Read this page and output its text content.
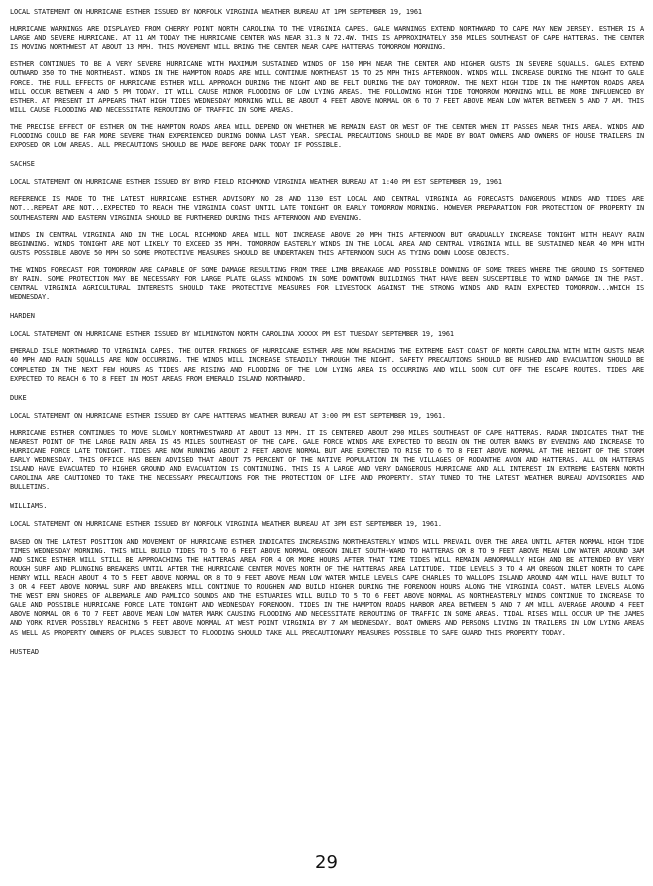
LOCAL STATEMENT ON HURRICANE ESTHER ISSUED BY NORFOLK VIRGINIA WEATHER BUREAU AT 1PM SEPTEMBER 19, 1961

HURRICANE WARNINGS ARE DISPLAYED FROM CHERRY POINT NORTH CAROLINA TO THE VIRGINIA CAPES. GALE WARNINGS EXTEND NORTHWARD TO CAPE MAY NEW JERSEY. ESTHER IS A LARGE AND SEVERE HURRICANE. AT 11 AM TODAY THE HURRICANE CENTER WAS NEAR 31.3 N 72.4W. THIS IS APPROXIMATELY 350 MILES SOUTHEAST OF CAPE HATTERAS. THE CENTER IS MOVING NORTHWEST AT ABOUT 13 MPH. THIS MOVEMENT WILL BRING THE CENTER NEAR CAPE HATTERAS TOMORROW MORNING.

ESTHER CONTINUES TO BE A VERY SEVERE HURRICANE WITH MAXIMUM SUSTAINED WINDS OF 150 MPH NEAR THE CENTER AND HIGHER GUSTS IN SEVERE SQUALLS. GALES EXTEND OUTWARD 350 TO THE NORTHEAST. WINDS IN THE HAMPTON ROADS ARE WILL CONTINUE NORTHEAST 15 TO 25 MPH THIS AFTERNOON. WINDS WILL INCREASE DURING THE NIGHT TO GALE FORCE. THE FULL EFFECTS OF HURRICANE ESTHER WILL APPROACH DURING THE NIGHT AND BE FELT DURING THE DAY TOMORROW. THE NEXT HIGH TIDE IN THE HAMPTON ROADS AREA WILL OCCUR BETWEEN 4 AND 5 PM TODAY. IT WILL CAUSE MINOR FLOODING OF LOW LYING AREAS. THE FOLLOWING HIGH TIDE TOMORROW MORNING WILL BE MORE INFLUENCED BY ESTHER. AT PRESENT IT APPEARS THAT HIGH TIDES WEDNESDAY MORNING WILL BE ABOUT 4 FEET ABOVE NORMAL OR 6 TO 7 FEET ABOVE MEAN LOW WATER BETWEEN 5 AND 7 AM. THIS WILL CAUSE FLOODING AND NECESSITATE REROUTING OF TRAFFIC IN SOME AREAS.

THE PRECISE EFFECT OF ESTHER ON THE HAMPTON ROADS AREA WILL DEPEND ON WHETHER WE REMAIN EAST OR WEST OF THE CENTER WHEN IT PASSES NEAR THIS AREA. WINDS AND FLOODING COULD BE FAR MORE SEVERE THAN EXPERIENCED DURING DONNA LAST YEAR. SPECIAL PRECAUTIONS SHOULD BE MADE BY BOAT OWNERS AND OWNERS OF HOUSE TRAILERS IN EXPOSED OR LOW AREAS. ALL PRECAUTIONS SHOULD BE MADE BEFORE DARK TODAY IF POSSIBLE.

SACHSE

LOCAL STATEMENT ON HURRICANE ESTHER ISSUED BY BYRD FIELD RICHMOND VIRGINIA WEATHER BUREAU AT 1:40 PM EST SEPTEMBER 19, 1961

REFERENCE IS MADE TO THE LATEST HURRICANE ESTHER ADVISORY NO 28 AND 1130 EST LOCAL AND CENTRAL VIRGINIA AG FORECASTS DANGEROUS WINDS AND TIDES ARE NOT...REPEAT ARE NOT...EXPECTED TO REACH THE VIRGINIA COAST UNTIL LATE TONIGHT OR EARLY TOMORROW MORNING. HOWEVER PREPARATION FOR PROTECTION OF PROPERTY IN SOUTHEASTERN AND EASTERN VIRGINIA SHOULD BE FURTHERED DURING THIS AFTERNOON AND EVENING.

WINDS IN CENTRAL VIRGINIA AND IN THE LOCAL RICHMOND AREA WILL NOT INCREASE ABOVE 20 MPH THIS AFTERNOON BUT GRADUALLY INCREASE TONIGHT WITH HEAVY RAIN BEGINNING. WINDS TONIGHT ARE NOT LIKELY TO EXCEED 35 MPH. TOMORROW EASTERLY WINDS IN THE LOCAL AREA AND CENTRAL VIRGINIA WILL BE SUSTAINED NEAR 40 MPH WITH GUSTS POSSIBLE ABOVE 50 MPH SO SOME PROTECTIVE MEASURES SHOULD BE UNDERTAKEN THIS AFTERNOON SUCH AS TYING DOWN LOOSE OBJECTS.

THE WINDS FORECAST FOR TOMORROW ARE CAPABLE OF SOME DAMAGE RESULTING FROM TREE LIMB BREAKAGE AND POSSIBLE DOWNING OF SOME TREES WHERE THE GROUND IS SOFTENED BY RAIN. SOME PROTECTION MAY BE NECESSARY FOR LARGE PLATE GLASS WINDOWS IN SOME DOWNTOWN BUILDINGS THAT HAVE BEEN SUSCEPTIBLE TO WIND DAMAGE IN THE PAST. CENTRAL VIRGINIA AGRICULTURAL INTERESTS SHOULD TAKE PROTECTIVE MEASURES FOR LIVESTOCK AGAINST THE STRONG WINDS AND RAIN EXPECTED TOMORROW...WHICH IS WEDNESDAY.

HARDEN

LOCAL STATEMENT ON HURRICANE ESTHER ISSUED BY WILMINGTON NORTH CAROLINA XXXXX PM EST TUESDAY SEPTEMBER 19, 1961

EMERALD ISLE NORTHWARD TO VIRGINIA CAPES. THE OUTER FRINGES OF HURRICANE ESTHER ARE NOW REACHING THE EXTREME EAST COAST OF NORTH CAROLINA WITH WITH GUSTS NEAR 40 MPH AND RAIN SQUALLS ARE NOW OCCURRING. THE WINDS WILL INCREASE STEADILY THROUGH THE NIGHT. SAFETY PRECAUTIONS SHOULD BE RUSHED AND EVACUATION SHOULD BE COMPLETED IN THE NEXT FEW HOURS AS TIDES ARE RISING AND FLOODING OF THE LOW LYING AREA IS OCCURRING AND WILL SOON CUT OFF THE ESCAPE ROUTES. TIDES ARE EXPECTED TO REACH 6 TO 8 FEET IN MOST AREAS FROM EMERALD ISLAND NORTHWARD.

DUKE

LOCAL STATEMENT ON HURRICANE ESTHER ISSUED BY CAPE HATTERAS WEATHER BUREAU AT 3:00 PM EST SEPTEMBER 19, 1961.

HURRICANE ESTHER CONTINUES TO MOVE SLOWLY NORTHWESTWARD AT ABOUT 13 MPH. IT IS CENTERED ABOUT 290 MILES SOUTHEAST OF CAPE HATTERAS. RADAR INDICATES THAT THE NEAREST POINT OF THE LARGE RAIN AREA IS 45 MILES SOUTHEAST OF THE CAPE. GALE FORCE WINDS ARE EXPECTED TO BEGIN ON THE OUTER BANKS BY EVENING AND INCREASE TO HURRICANE FORCE LATE TONIGHT. TIDES ARE NOW RUNNING ABOUT 2 FEET ABOVE NORMAL BUT ARE EXPECTED TO RISE TO 6 TO 8 FEET ABOVE NORMAL AT THE HEIGHT OF THE STORM EARLY WEDNESDAY. THIS OFFICE HAS BEEN ADVISED THAT ABOUT 75 PERCENT OF THE NATIVE POPULATION IN THE VILLAGES OF RODANTHE AVON AND HATTERAS. ALL ON HATTERAS ISLAND HAVE EVACUATED TO HIGHER GROUND AND EVACUATION IS CONTINUING. THIS IS A LARGE AND VERY DANGEROUS HURRICANE AND ALL INTEREST IN EXTREME EASTERN NORTH CAROLINA ARE CAUTIONED TO TAKE THE NECESSARY PRECAUTIONS FOR THE PROTECTION OF LIFE AND PROPERTY. STAY TUNED TO THE LATEST WEATHER BUREAU ADVISORIES AND BULLETINS.

WILLIAMS.

LOCAL STATEMENT ON HURRICANE ESTHER ISSUED BY NORFOLK VIRGINIA WEATHER BUREAU AT 3PM EST SEPTEMBER 19, 1961.

BASED ON THE LATEST POSITION AND MOVEMENT OF HURRICANE ESTHER INDICATES INCREASING NORTHEASTERLY WINDS WILL PREVAIL OVER THE AREA UNTIL AFTER NORMAL HIGH TIDE TIMES WEDNESDAY MORNING. THIS WILL BUILD TIDES TO 5 TO 6 FEET ABOVE NORMAL OREGON INLET SOUTH-WARD TO HATTERAS OR 8 TO 9 FEET ABOVE MEAN LOW WATER AROUND 3AM AND SINCE ESTHER WILL STILL BE APPROACHING THE HATTERAS AREA FOR 4 OR MORE HOURS AFTER THAT TIME TIDES WILL REMAIN ABNORMALLY HIGH AND BE ATTENDED BY VERY ROUGH SURF AND PLUNGING BREAKERS UNTIL AFTER THE HURRICANE CENTER MOVES NORTH OF THE HATTERAS AREA LATITUDE. TIDE LEVELS 3 TO 4 AM OREGON INLET NORTH TO CAPE HENRY WILL REACH ABOUT 4 TO 5 FEET ABOVE NORMAL OR 8 TO 9 FEET ABOVE MEAN LOW WATER WHILE LEVELS CAPE CHARLES TO WALLOPS ISLAND AROUND 4AM WILL HAVE BUILT TO 3 OR 4 FEET ABOVE NORMAL SURF AND BREAKERS WILL CONTINUE TO ROUGHEN AND BUILD HIGHER DURING THE FORENOON HOURS ALONG THE VIRGINIA COAST. WATER LEVELS ALONG THE WEST ERN SHORES OF ALBEMARLE AND PAMLICO SOUNDS AND THE ESTUARIES WILL BUILD TO 5 TO 6 FEET ABOVE NORMAL AS NORTHEASTERLY WINDS CONTINUE TO INCREASE TO GALE AND POSSIBLE HURRICANE FORCE LATE TONIGHT AND WEDNESDAY FORENOON. TIDES IN THE HAMPTON ROADS HARBOR AREA BETWEEN 5 AND 7 AM WILL AVERAGE AROUND 4 FEET ABOVE NORMAL OR 6 TO 7 FEET ABOVE MEAN LOW WATER MARK CAUSING FLOODING AND NECESSITATE REROUTING OF TRAFFIC IN SOME AREAS. TIDAL RISES WILL OCCUR UP THE JAMES AND YORK RIVER POSSIBLY REACHING 5 FEET ABOVE NORMAL AT WEST POINT VIRGINIA BY 7 AM WEDNESDAY. BOAT OWNERS AND PERSONS LIVING IN TRAILERS IN LOW LYING AREAS AS WELL AS PROPERTY OWNERS OF PLACES SUBJECT TO FLOODING SHOULD TAKE ALL PRECAUTIONARY MEASURES POSSIBLE TO SAFE GUARD THIS PROPERTY TODAY.

HUSTEAD

29
